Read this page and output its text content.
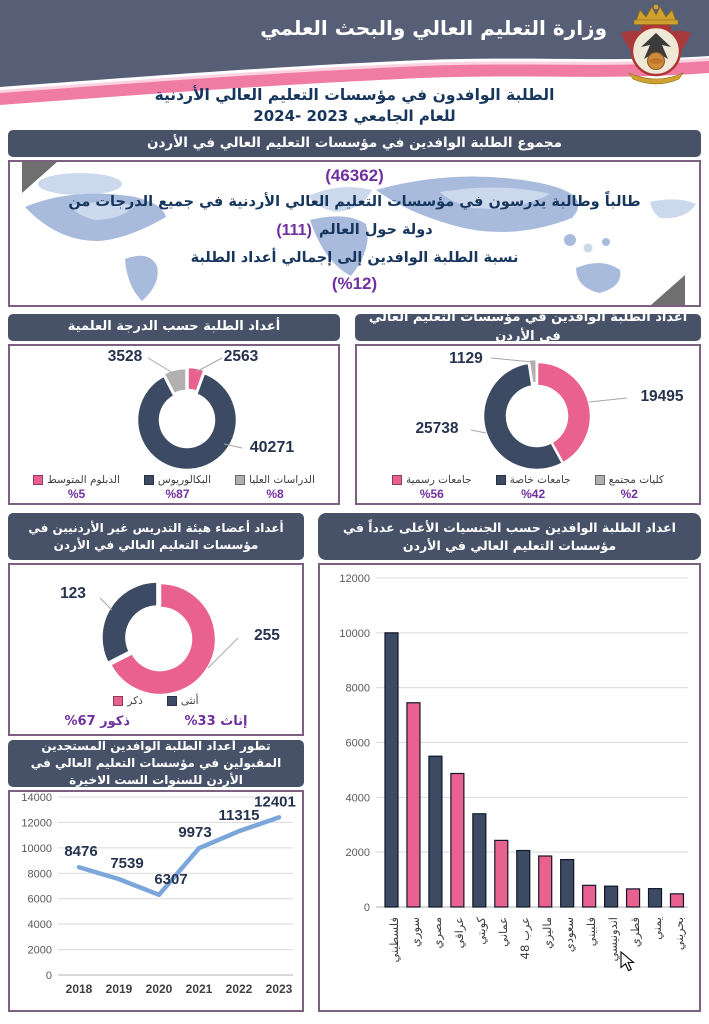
وزارة التعليم العالي والبحث العلمي
الطلبة الوافدون في مؤسسات التعليم العالي الأردنية
للعام الجامعي 2023 -2024
مجموع الطلبة الوافدين في مؤسسات التعليم العالي في الأردن
(46362)
طالباً وطالبة يدرسون في مؤسسات التعليم العالي الأردنية في جميع الدرجات من
(111) دولة حول العالم
نسبة الطلبة الوافدين إلى إجمالي أعداد الطلبة
(%12)
أعداد الطلبة حسب الدرجة العلمية
2563
40271
3528
الدبلوم المتوسط
%5
البكالوريوس
%87
الدراسات العليا
%8
أعداد الطلبة الوافدين في مؤسسات التعليم العالي في الأردن
19495
25738
1129
جامعات رسمية
%56
جامعات خاصة
%42
كليات مجتمع
%2
أعداد أعضاء هيئة التدريس غير الأردنيين في مؤسسات التعليم العالي في الأردن
255
123
%67 ذكور	%33 إناث
ذكر	أنثى
اعداد الطلبة الوافدين حسب الجنسيات الأعلى عدداً في مؤسسات التعليم العالي في الأردن
0
2000
4000
6000
8000
10000
12000
فلسطيني سوري مصري عراقي كويتي عماني
عرب 48 ماليزي سعودي فلبيني اندونيسي قطري يمني بحريني
تطور أعداد الطلبة الوافدين المستجدين المقبولين في مؤسسات التعليم العالي في الأردن للسنوات الست الاخيرة
0
2000
4000
6000
8000
10000
12000
14000
2018 2019 2020 2021 2022 2023
8476
7539
6307
9973
11315
12401
